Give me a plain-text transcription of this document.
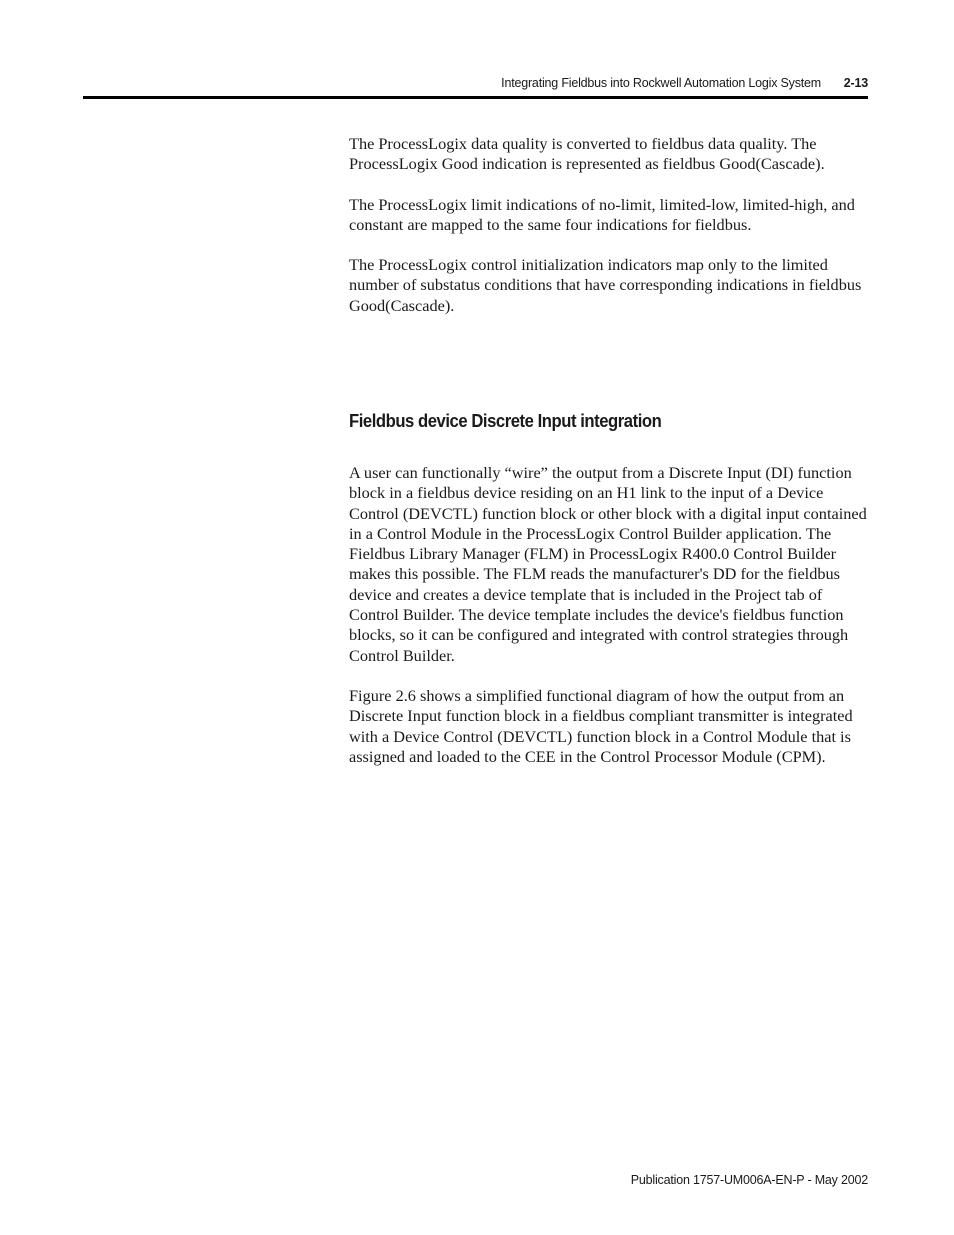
Integrating Fieldbus into Rockwell Automation Logix System 2-13

The ProcessLogix data quality is converted to fieldbus data quality. The ProcessLogix Good indication is represented as fieldbus Good(Cascade).

The ProcessLogix limit indications of no-limit, limited-low, limited-high, and constant are mapped to the same four indications for fieldbus.

The ProcessLogix control initialization indicators map only to the limited number of substatus conditions that have corresponding indications in fieldbus Good(Cascade).

Fieldbus device Discrete Input integration

A user can functionally “wire” the output from a Discrete Input (DI) function block in a fieldbus device residing on an H1 link to the input of a Device Control (DEVCTL) function block or other block with a digital input contained in a Control Module in the ProcessLogix Control Builder application. The Fieldbus Library Manager (FLM) in ProcessLogix R400.0 Control Builder makes this possible. The FLM reads the manufacturer's DD for the fieldbus device and creates a device template that is included in the Project tab of Control Builder. The device template includes the device's fieldbus function blocks, so it can be configured and integrated with control strategies through Control Builder.

Figure 2.6 shows a simplified functional diagram of how the output from an Discrete Input function block in a fieldbus compliant transmitter is integrated with a Device Control (DEVCTL) function block in a Control Module that is assigned and loaded to the CEE in the Control Processor Module (CPM).

Publication 1757-UM006A-EN-P - May 2002
